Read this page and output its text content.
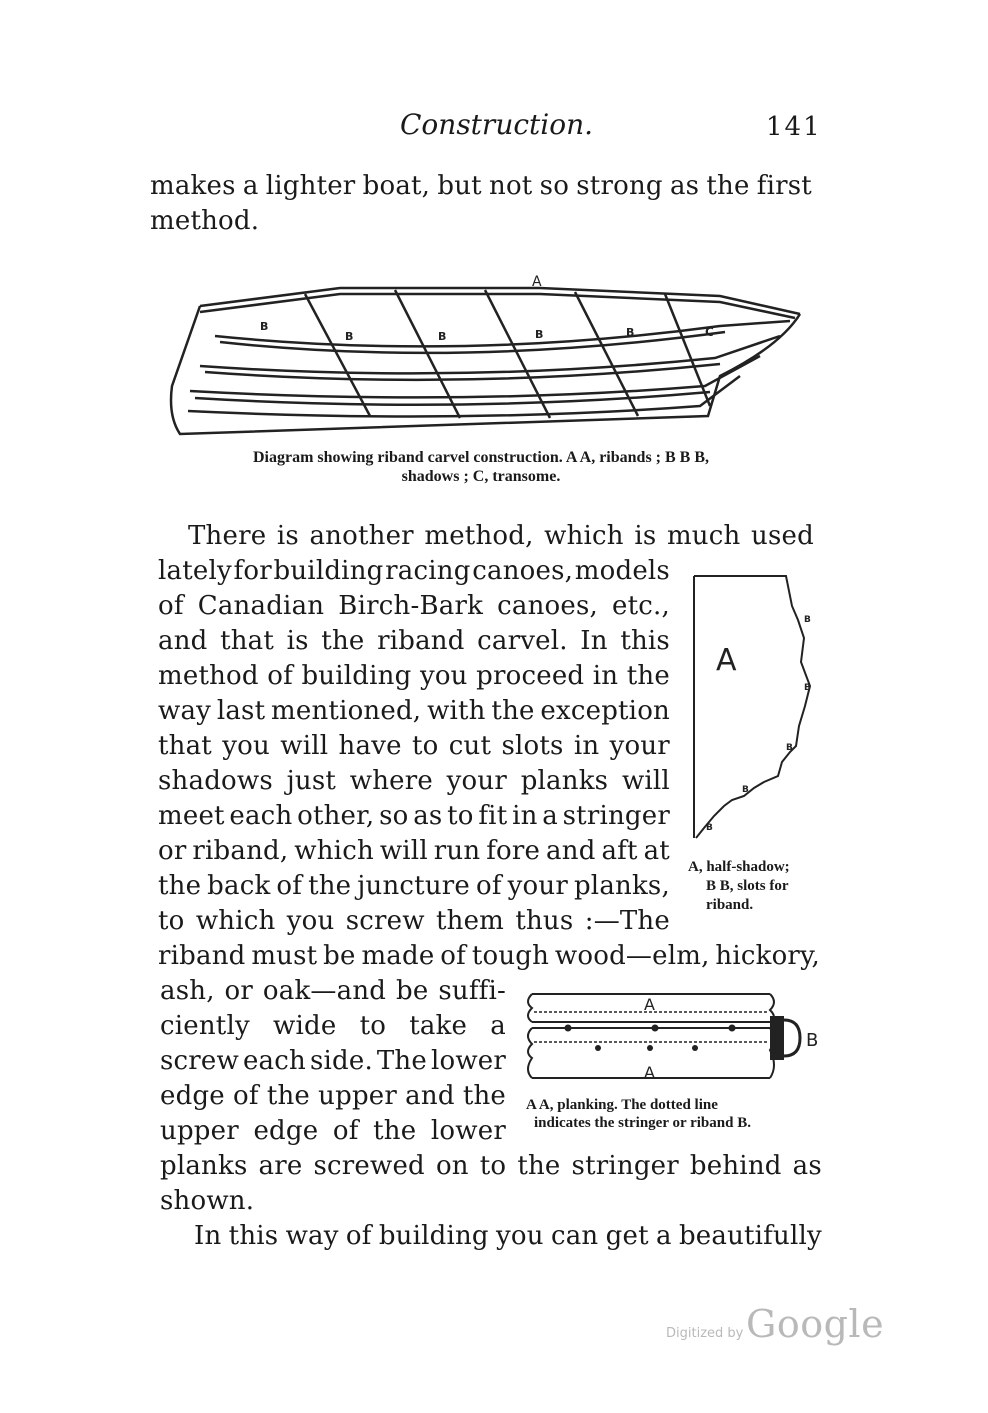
Construction.	141
makes a lighter boat, but not so strong as the first
method.
A
B
B	B	B	B	C
Diagram showing riband carvel construction. A A, ribands ; B B B,
shadows ; C, transome.
There is another method, which is much used
lately for building racing canoes, models
of Canadian Birch-Bark canoes, etc.,
and that is the riband carvel. In this
method of building you proceed in the
way last mentioned, with the exception
that you will have to cut slots in your
shadows just where your planks will
meet each other, so as to fit in a stringer
or riband, which will run fore and aft at
the back of the juncture of your planks,
to which you screw them thus :—The
riband must be made of tough wood—elm, hickory,
ash, or oak—and be suffi-
ciently wide to take a
screw each side. The lower
edge of the upper and the
upper edge of the lower
planks are screwed on to the stringer behind as
shown.
A
B
B
B
B
B
A, half-shadow;
B B, slots for
riband.
A
A
B
A A, planking. The dotted line
indicates the stringer or riband B.
In this way of building you can get a beautifully
Digitized by Google
